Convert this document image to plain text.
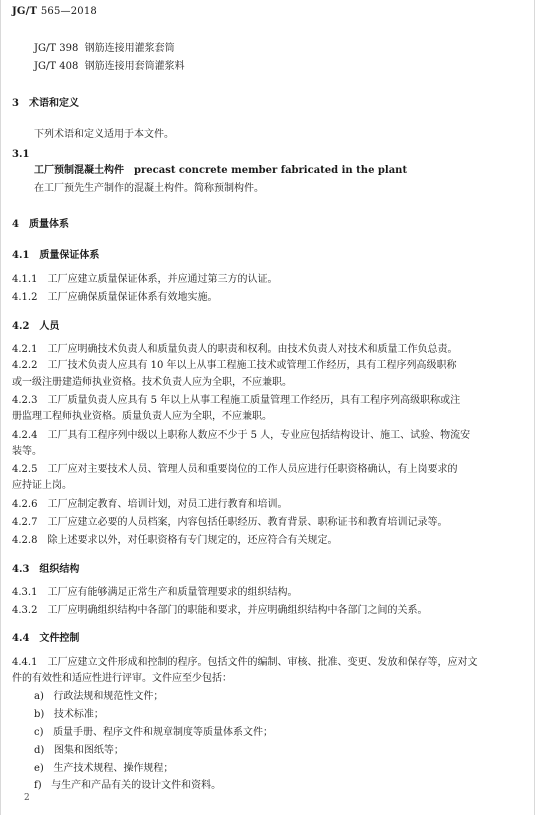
JG/T 565—2018
JG/T 398 钢筋连接用灌浆套筒
JG/T 408 钢筋连接用套筒灌浆料
3　术语和定义
下列术语和定义适用于本文件。
3.1
工厂预制混凝土构件　precast concrete member fabricated in the plant
在工厂预先生产制作的混凝土构件。简称预制构件。
4　质量体系
4.1　质量保证体系
4.1.1　工厂应建立质量保证体系，并应通过第三方的认证。
4.1.2　工厂应确保质量保证体系有效地实施。
4.2　人员
4.2.1　工厂应明确技术负责人和质量负责人的职责和权利。由技术负责人对技术和质量工作负总责。
4.2.2　工厂技术负责人应具有 10 年以上从事工程施工技术或管理工作经历，具有工程序列高级职称
或一级注册建造师执业资格。技术负责人应为全职，不应兼职。
4.2.3　工厂质量负责人应具有 5 年以上从事工程施工质量管理工作经历，具有工程序列高级职称或注
册监理工程师执业资格。质量负责人应为全职，不应兼职。
4.2.4　工厂具有工程序列中级以上职称人数应不少于 5 人，专业应包括结构设计、施工、试验、物流安
装等。
4.2.5　工厂应对主要技术人员、管理人员和重要岗位的工作人员应进行任职资格确认，有上岗要求的
应持证上岗。
4.2.6　工厂应制定教育、培训计划，对员工进行教育和培训。
4.2.7　工厂应建立必要的人员档案，内容包括任职经历、教育背景、职称证书和教育培训记录等。
4.2.8　除上述要求以外，对任职资格有专门规定的，还应符合有关规定。
4.3　组织结构
4.3.1　工厂应有能够满足正常生产和质量管理要求的组织结构。
4.3.2　工厂应明确组织结构中各部门的职能和要求，并应明确组织结构中各部门之间的关系。
4.4　文件控制
4.4.1　工厂应建立文件形成和控制的程序。包括文件的编制、审核、批准、变更、发放和保存等，应对文
件的有效性和适应性进行评审。文件应至少包括：
a) 行政法规和规范性文件；
b) 技术标准；
c) 质量手册、程序文件和规章制度等质量体系文件；
d) 图集和图纸等；
e) 生产技术规程、操作规程；
f) 与生产和产品有关的设计文件和资料。
2
